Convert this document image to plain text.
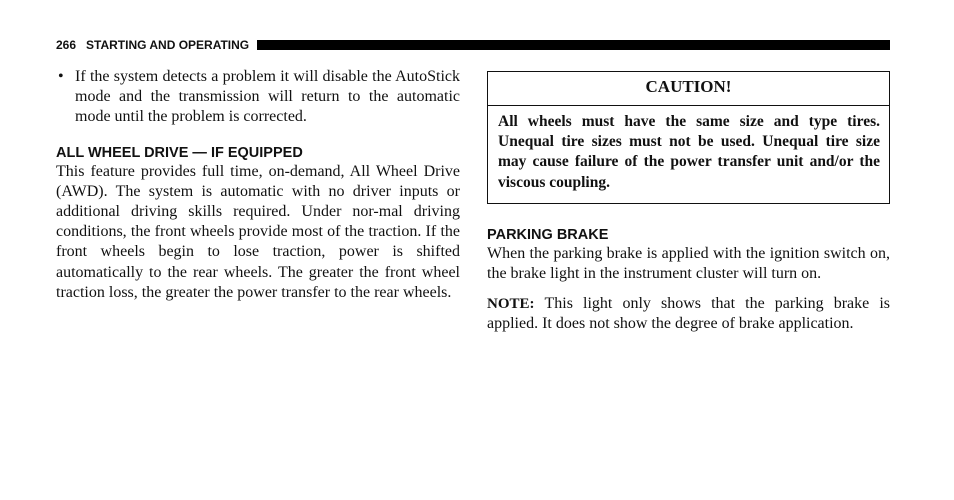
266 STARTING AND OPERATING
• If the system detects a problem it will disable the AutoStick mode and the transmission will return to the automatic mode until the problem is corrected.
ALL WHEEL DRIVE — IF EQUIPPED

This feature provides full time, on-demand, All Wheel Drive (AWD). The system is automatic with no driver inputs or additional driving skills required. Under nor-mal driving conditions, the front wheels provide most of the traction. If the front wheels begin to lose traction, power is shifted automatically to the rear wheels. The greater the front wheel traction loss, the greater the power transfer to the rear wheels.

CAUTION!

All wheels must have the same size and type tires. Unequal tire sizes must not be used. Unequal tire size may cause failure of the power transfer unit and/or the viscous coupling.

PARKING BRAKE

When the parking brake is applied with the ignition switch on, the brake light in the instrument cluster will turn on.

NOTE: This light only shows that the parking brake is applied. It does not show the degree of brake application.
